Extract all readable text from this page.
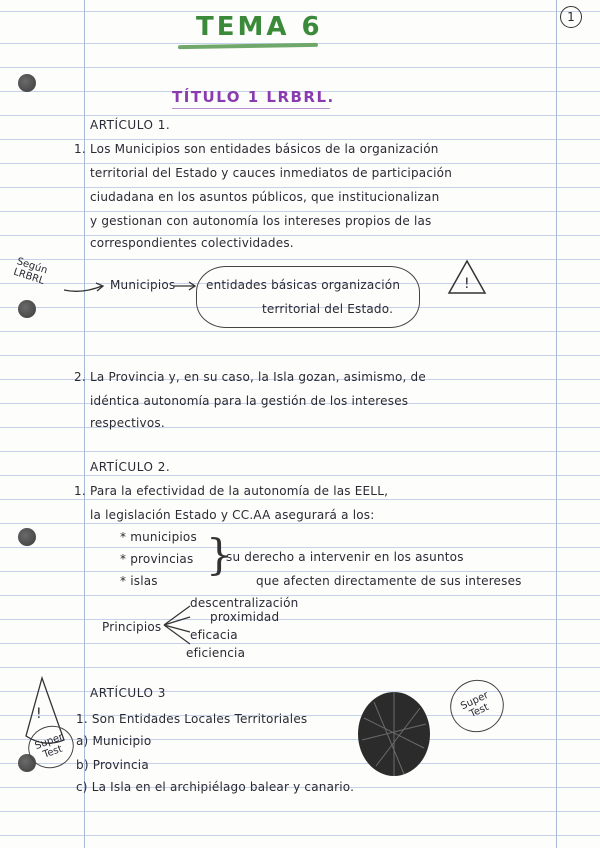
1
TEMA 6
TÍTULO 1 LRBRL.
ARTÍCULO 1.
1. Los Municipios son entidades básicos de la organización
territorial del Estado y cauces inmediatos de participación
ciudadana en los asuntos públicos, que institucionalizan
y gestionan con autonomía los intereses propios de las
correspondientes colectividades.
Según LRBRL	Municipios	entidades básicas organización
territorial del Estado.
!
2. La Provincia y, en su caso, la Isla gozan, asimismo, de
idéntica autonomía para la gestión de los intereses
respectivos.
ARTÍCULO 2.
1. Para la efectividad de la autonomía de las EELL,
la legislación Estado y CC.AA asegurará a los:
* municipios
* provincias
* islas
}
su derecho a intervenir en los asuntos
que afecten directamente de sus intereses
Principios
descentralización
proximidad
eficacia
eficiencia
!
Super Test
ARTÍCULO 3
1. Son Entidades Locales Territoriales
a) Municipio
b) Provincia
c) La Isla en el archipiélago balear y canario.
Super Test
